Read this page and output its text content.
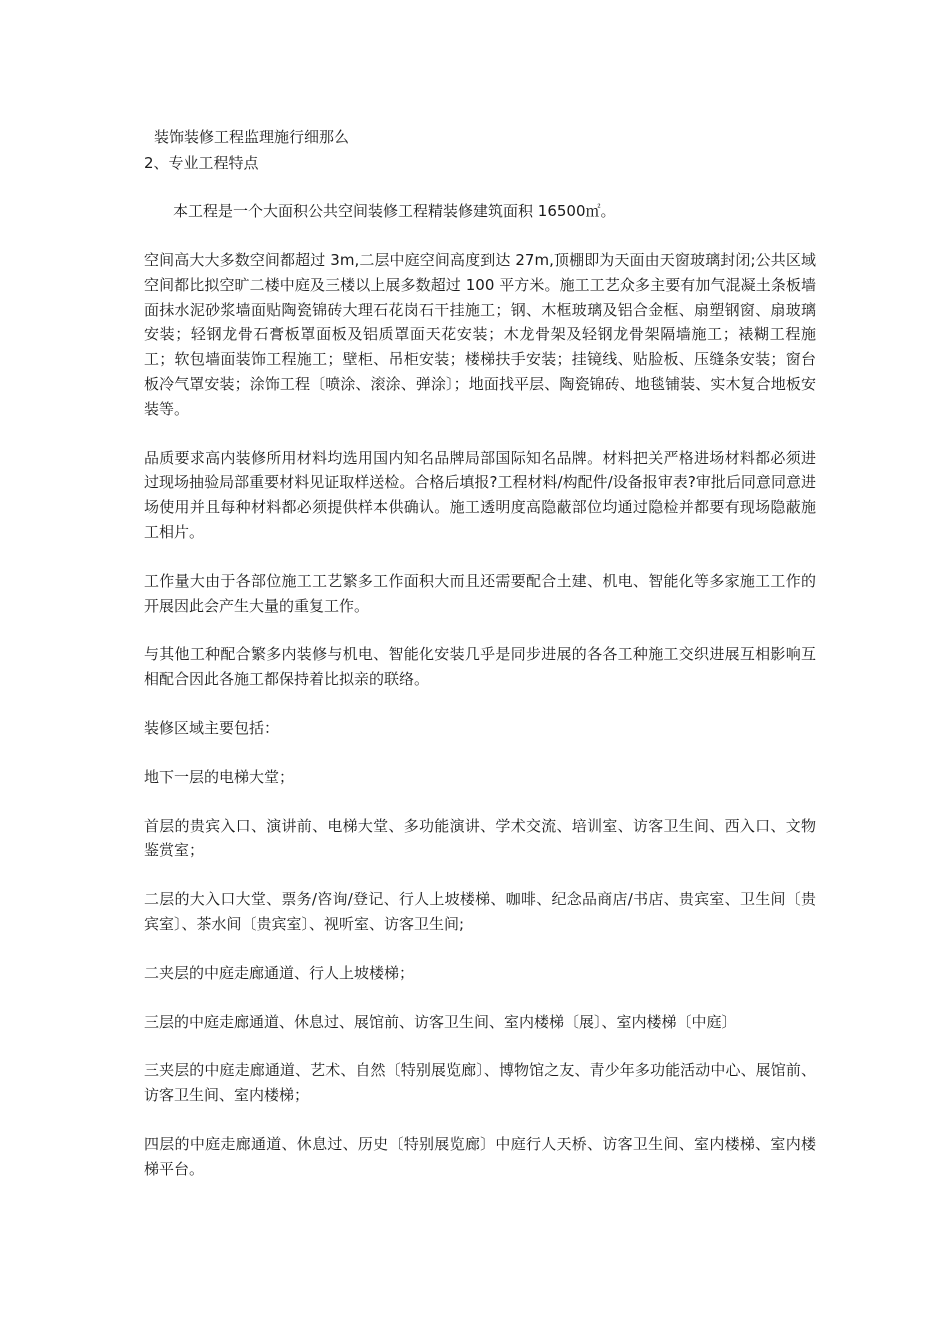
装饰装修工程监理施行细那么
2、专业工程特点
本工程是一个大面积公共空间装修工程精装修建筑面积 16500㎡。

空间高大大多数空间都超过 3m,二层中庭空间高度到达 27m,顶棚即为天面由天窗玻璃封闭;公共区域空间都比拟空旷二楼中庭及三楼以上展多数超过 100 平方米。施工工艺众多主要有加气混凝土条板墙面抹水泥砂浆墙面贴陶瓷锦砖大理石花岗石干挂施工；钢、木框玻璃及铝合金框、扇塑钢窗、扇玻璃安装；轻钢龙骨石膏板罩面板及铝质罩面天花安装；木龙骨架及轻钢龙骨架隔墙施工；裱糊工程施工；软包墙面装饰工程施工；壁柜、吊柜安装；楼梯扶手安装；挂镜线、贴脸板、压缝条安装；窗台板冷气罩安装；涂饰工程〔喷涂、滚涂、弹涂〕；地面找平层、陶瓷锦砖、地毯铺装、实木复合地板安装等。

品质要求高内装修所用材料均选用国内知名品牌局部国际知名品牌。材料把关严格进场材料都必须进过现场抽验局部重要材料见证取样送检。合格后填报?工程材料/构配件/设备报审表?审批后同意同意进场使用并且每种材料都必须提供样本供确认。施工透明度高隐蔽部位均通过隐检并都要有现场隐蔽施工相片。

工作量大由于各部位施工工艺繁多工作面积大而且还需要配合土建、机电、智能化等多家施工工作的开展因此会产生大量的重复工作。

与其他工种配合繁多内装修与机电、智能化安装几乎是同步进展的各各工种施工交织进展互相影响互相配合因此各施工都保持着比拟亲的联络。

装修区域主要包括：

地下一层的电梯大堂；

首层的贵宾入口、演讲前、电梯大堂、多功能演讲、学术交流、培训室、访客卫生间、西入口、文物鉴赏室；

二层的大入口大堂、票务/咨询/登记、行人上坡楼梯、咖啡、纪念品商店/书店、贵宾室、卫生间〔贵宾室〕、茶水间〔贵宾室〕、视听室、访客卫生间;

二夹层的中庭走廊通道、行人上坡楼梯；

三层的中庭走廊通道、休息过、展馆前、访客卫生间、室内楼梯〔展〕、室内楼梯〔中庭〕

三夹层的中庭走廊通道、艺术、自然〔特别展览廊〕、博物馆之友、青少年多功能活动中心、展馆前、访客卫生间、室内楼梯；

四层的中庭走廊通道、休息过、历史〔特别展览廊〕中庭行人天桥、访客卫生间、室内楼梯、室内楼梯平台。
